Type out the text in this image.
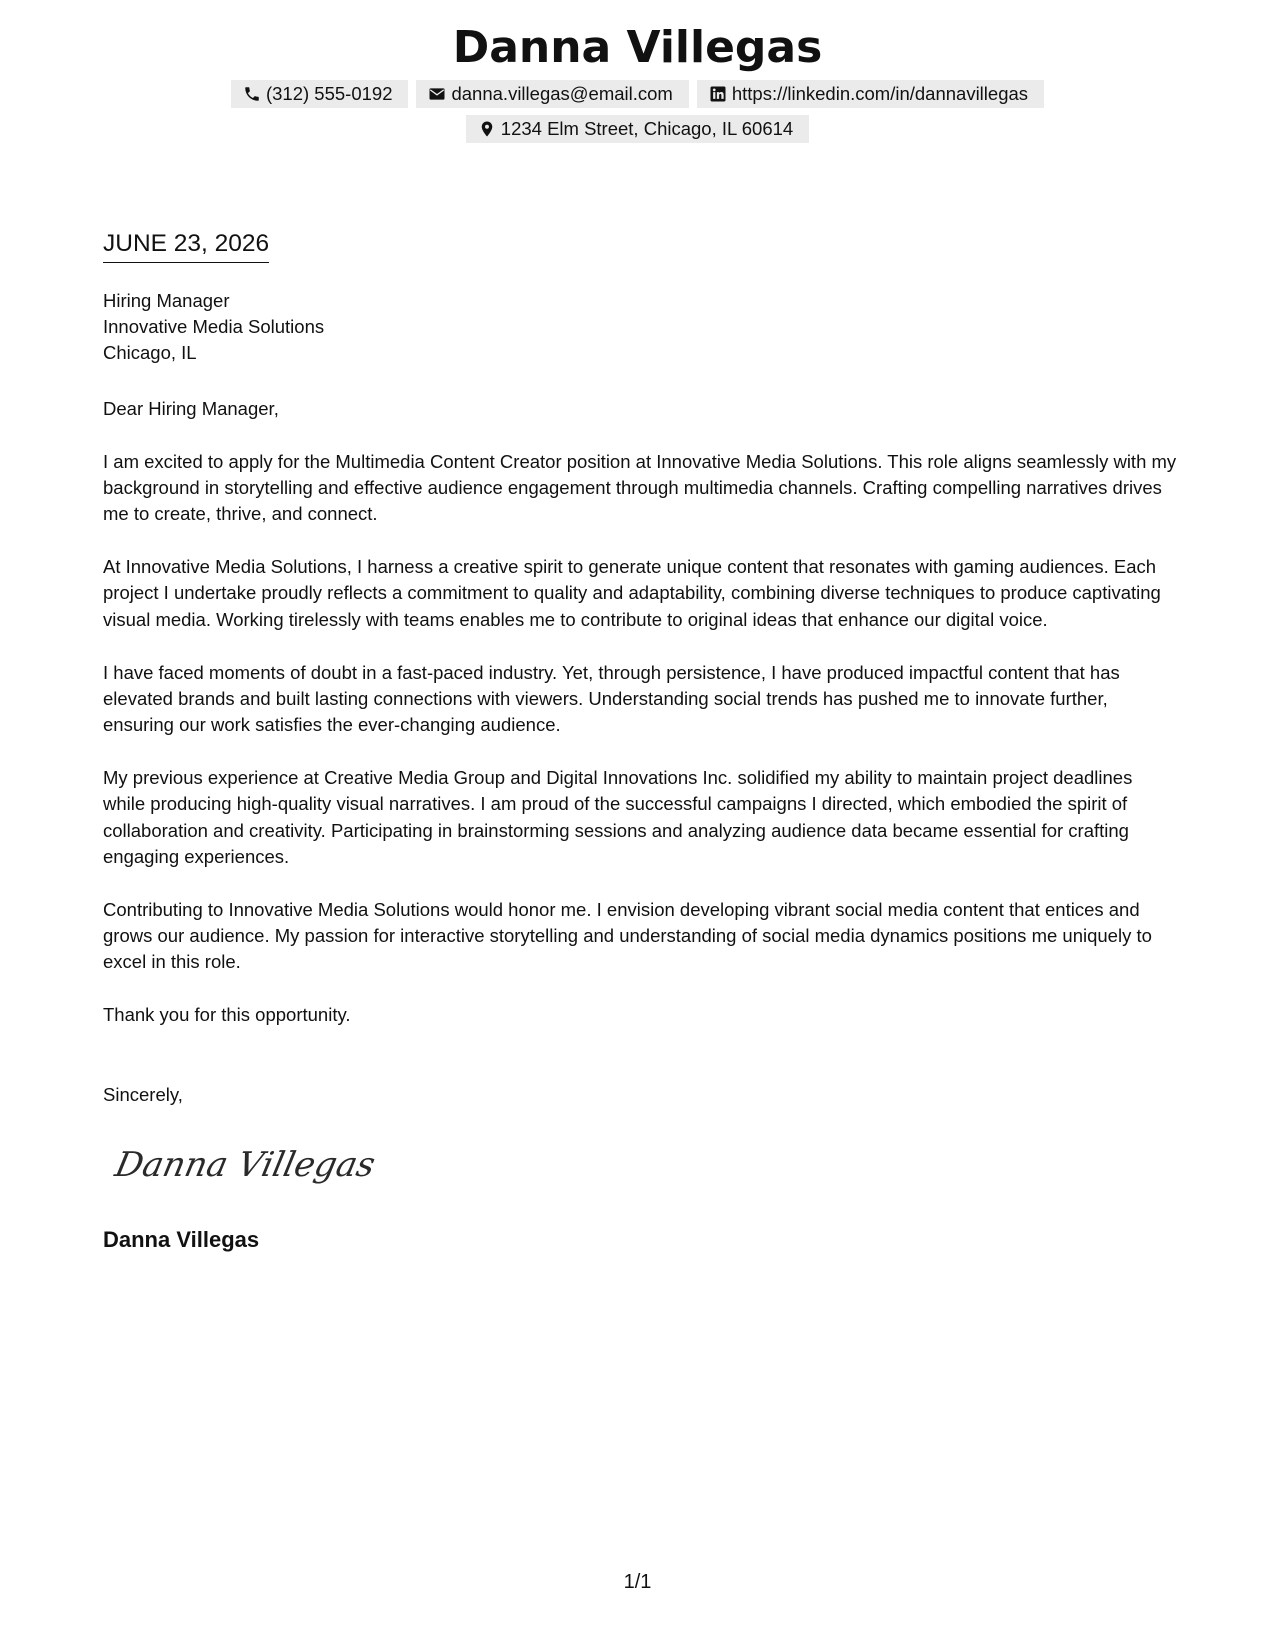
Danna Villegas
(312) 555-0192	danna.villegas@email.com	https://linkedin.com/in/dannavillegas
1234 Elm Street, Chicago, IL 60614
JUNE 23, 2026
Hiring Manager
Innovative Media Solutions
Chicago, IL

Dear Hiring Manager,

I am excited to apply for the Multimedia Content Creator position at Innovative Media Solutions. This role aligns seamlessly with my background in storytelling and effective audience engagement through multimedia channels. Crafting compelling narratives drives me to create, thrive, and connect.

At Innovative Media Solutions, I harness a creative spirit to generate unique content that resonates with gaming audiences. Each project I undertake proudly reflects a commitment to quality and adaptability, combining diverse techniques to produce captivating visual media. Working tirelessly with teams enables me to contribute to original ideas that enhance our digital voice.

I have faced moments of doubt in a fast-paced industry. Yet, through persistence, I have produced impactful content that has elevated brands and built lasting connections with viewers. Understanding social trends has pushed me to innovate further, ensuring our work satisfies the ever-changing audience.

My previous experience at Creative Media Group and Digital Innovations Inc. solidified my ability to maintain project deadlines while producing high-quality visual narratives. I am proud of the successful campaigns I directed, which embodied the spirit of collaboration and creativity. Participating in brainstorming sessions and analyzing audience data became essential for crafting engaging experiences.

Contributing to Innovative Media Solutions would honor me. I envision developing vibrant social media content that entices and grows our audience. My passion for interactive storytelling and understanding of social media dynamics positions me uniquely to excel in this role.

Thank you for this opportunity.

Sincerely,
Danna Villegas
Danna Villegas
1/1
